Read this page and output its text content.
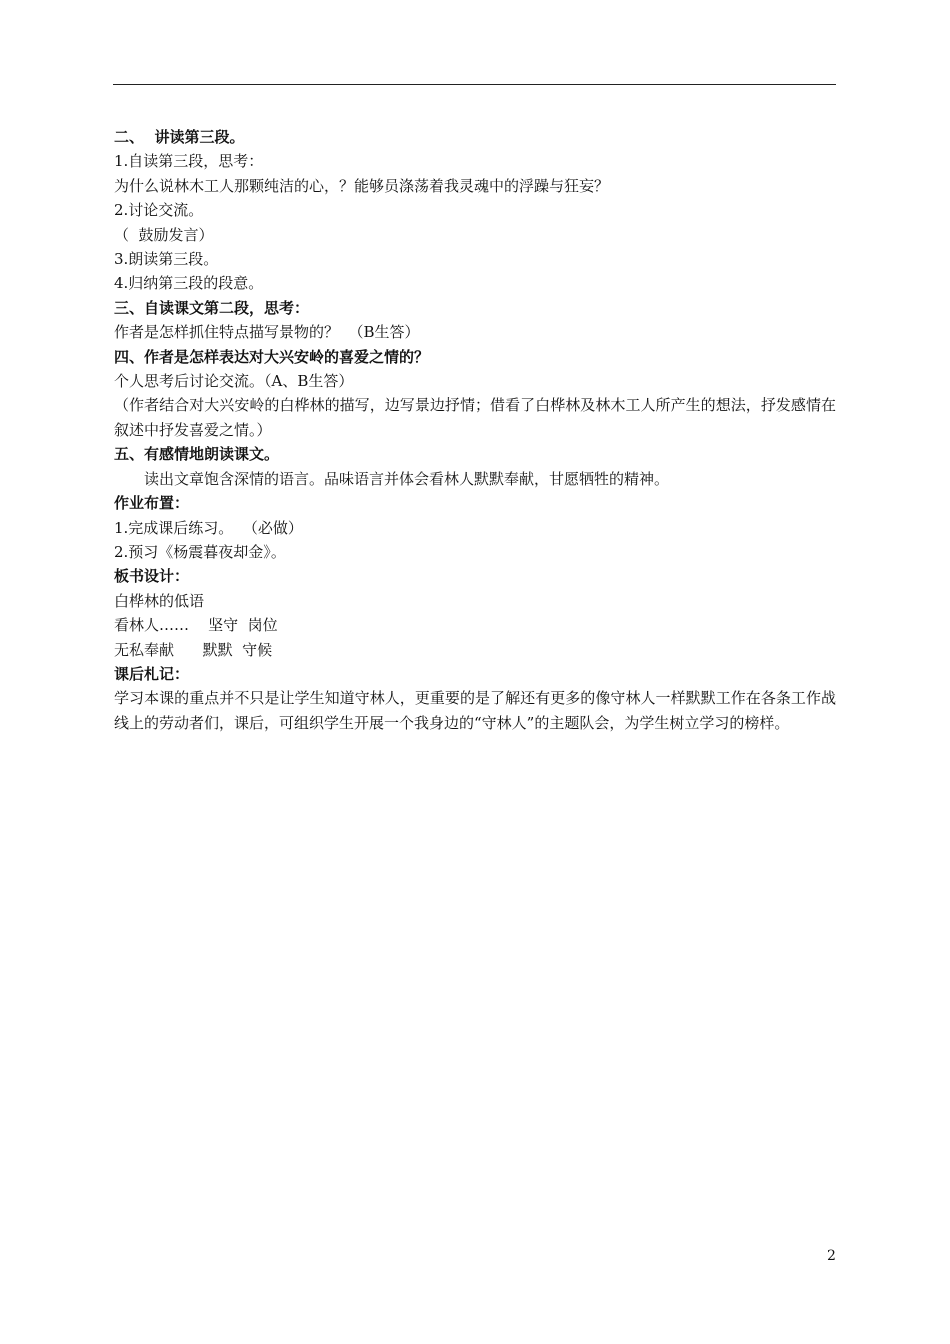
二、  讲读第三段。

1.自读第三段，思考：

为什么说林木工人那颗纯洁的心，？能够员涤荡着我灵魂中的浮躁与狂妄？

2.讨论交流。

（  鼓励发言）

3.朗读第三段。

4.归纳第三段的段意。

三、自读课文第二段，思考：

作者是怎样抓住特点描写景物的？  （B生答）

四、作者是怎样表达对大兴安岭的喜爱之情的？

个人思考后讨论交流。（A、B生答）

（作者结合对大兴安岭的白桦林的描写，边写景边抒情；借看了白桦林及林木工人所产生的想法，抒发感情在叙述中抒发喜爱之情。）

五、有感情地朗读课文。

读出文章饱含深情的语言。品味语言并体会看林人默默奉献，甘愿牺牲的精神。

作业布置：

1.完成课后练习。  （必做）

2.预习《杨震暮夜却金》。

板书设计：

白桦林的低语

看林人……    坚守  岗位

无私奉献      默默  守候

课后札记：

学习本课的重点并不只是让学生知道守林人，更重要的是了解还有更多的像守林人一样默默工作在各条工作战线上的劳动者们，课后，可组织学生开展一个我身边的“守林人”的主题队会，为学生树立学习的榜样。

2
